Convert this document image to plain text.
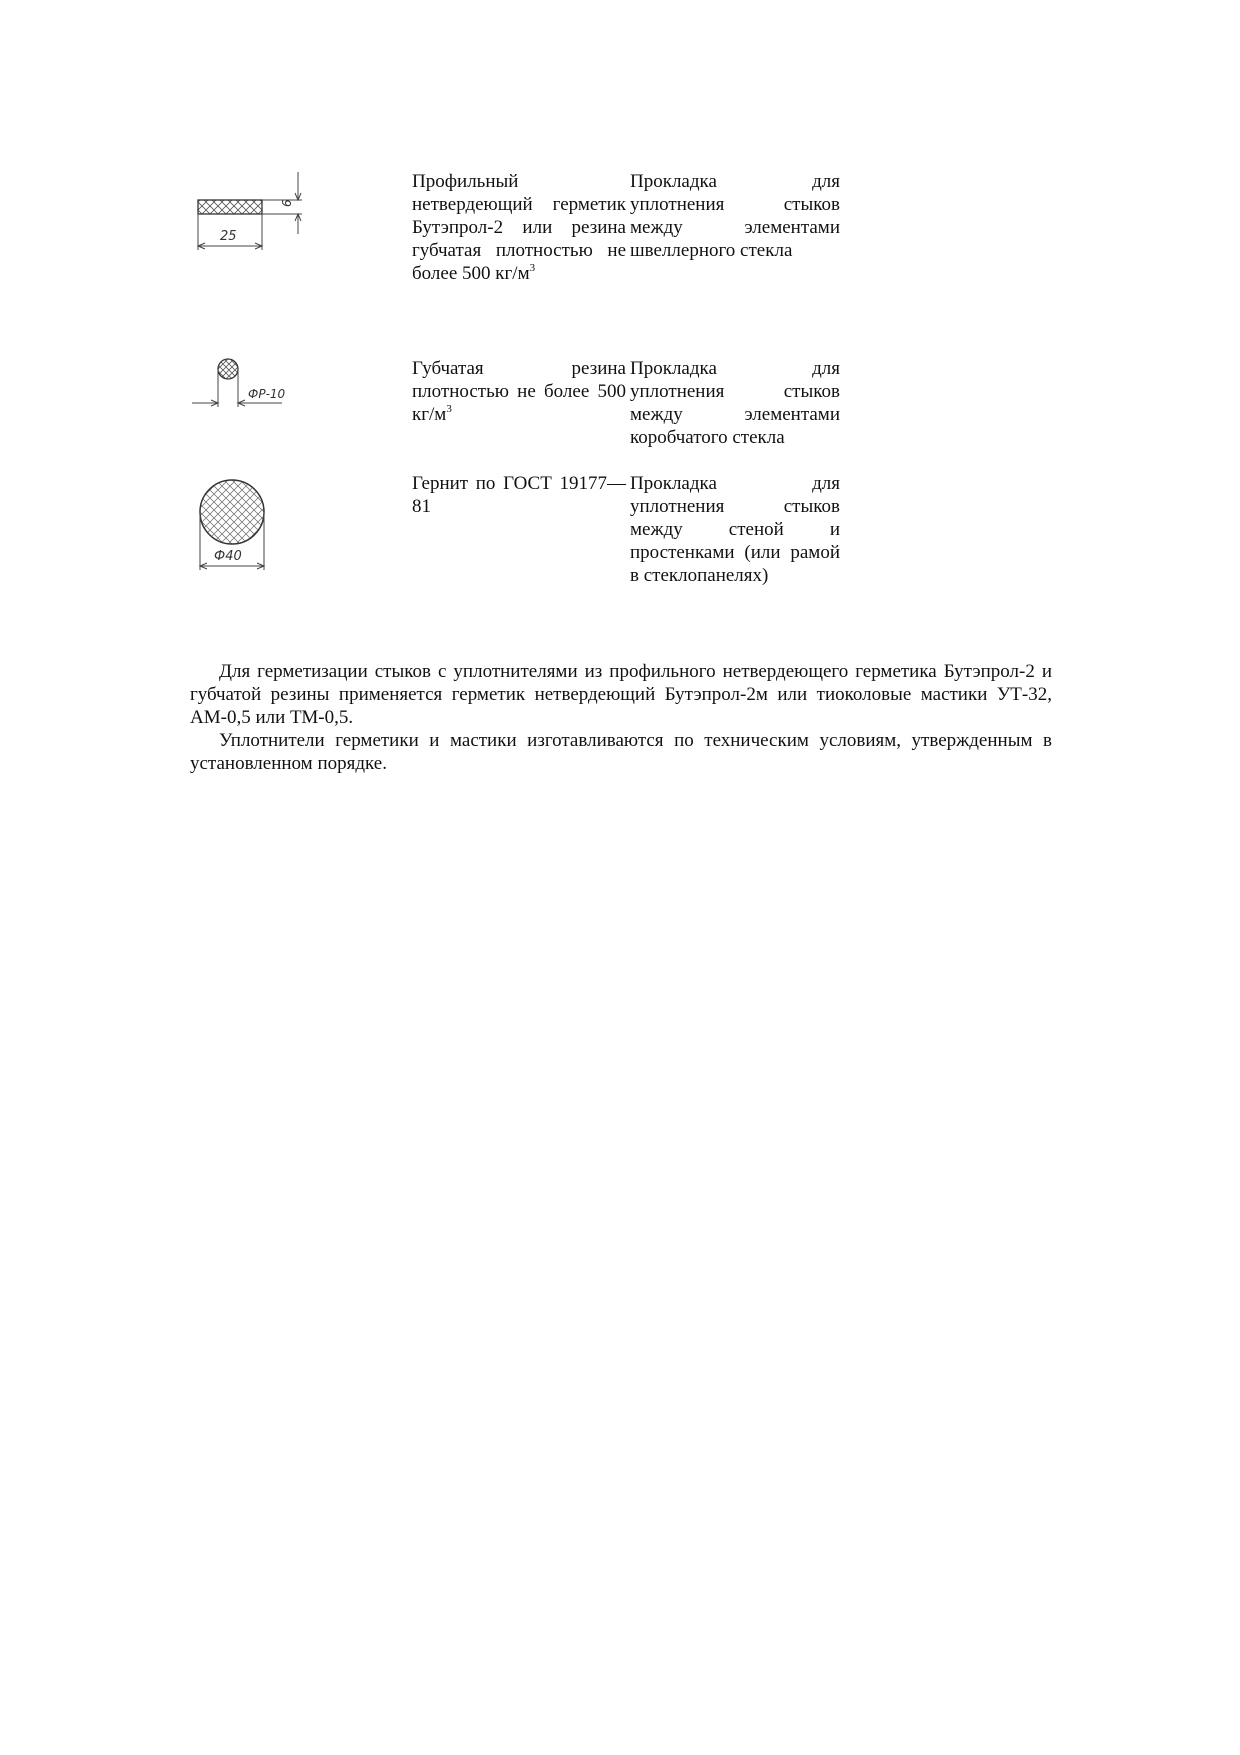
6
25
Профильный нетвердеющий герметик Бутэпрол-2 или резина губчатая плотностью не более 500 $кг/м^3$
Прокладка для уплотнения стыков между элементами швеллерного стекла
ФР-10
Губчатая резина плотностью не более 500 $кг/м^3$
Прокладка для уплотнения стыков между элементами коробчатого стекла
Ф40
Гернит по ГОСТ 19177—81
Прокладка для уплотнения стыков между стеной и простенками (или рамой в стеклопанелях)

Для герметизации стыков с уплотнителями из профильного нетвердеющего герметика Бутэпрол-2 и губчатой резины применяется герметик нетвердеющий Бутэпрол-2м или тиоколовые мастики УТ-32, АМ-0,5 или ТМ-0,5.

Уплотнители герметики и мастики изготавливаются по техническим условиям, утвержденным в установленном порядке.
